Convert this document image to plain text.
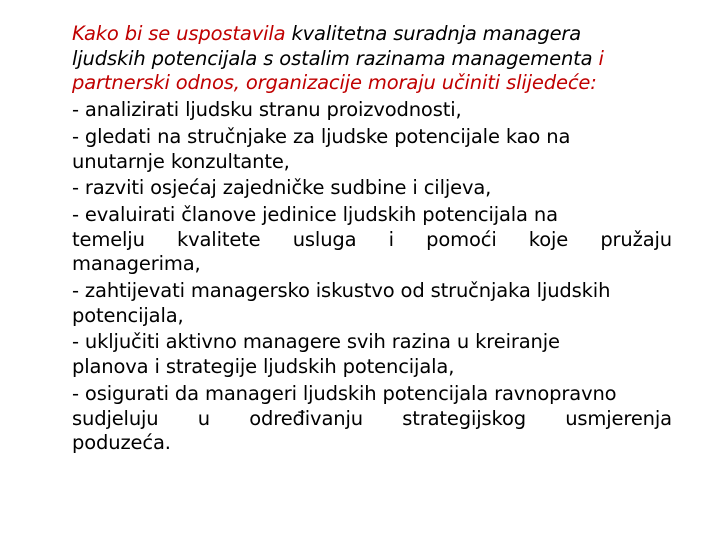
Kako bi se uspostavila kvalitetna suradnja managera
ljudskih potencijala s ostalim razinama managementa i
partnerski odnos, organizacije moraju učiniti slijedeće:
- analizirati ljudsku stranu proizvodnosti,
- gledati na stručnjake za ljudske potencijale kao na
unutarnje konzultante,
- razviti osjećaj zajedničke sudbine i ciljeva,
- evaluirati članove jedinice ljudskih potencijala na
temelju kvalitete usluga i pomoći koje pružaju
managerima,
- zahtijevati managersko iskustvo od stručnjaka ljudskih
potencijala,
- uključiti aktivno managere svih razina u kreiranje
planova i strategije ljudskih potencijala,
- osigurati da manageri ljudskih potencijala ravnopravno
sudjeluju u određivanju strategijskog usmjerenja
poduzeća.
